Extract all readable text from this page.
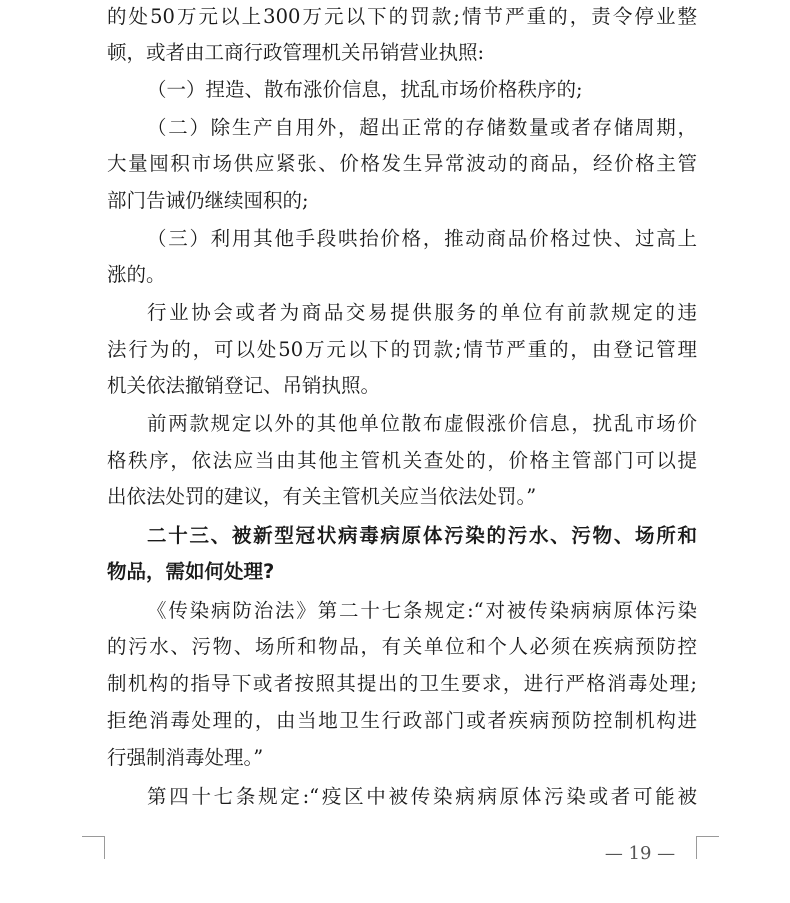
的处50万元以上300万元以下的罚款;情节严重的，责令停业整
顿，或者由工商行政管理机关吊销营业执照:
（一）捏造、散布涨价信息，扰乱市场价格秩序的;
（二）除生产自用外，超出正常的存储数量或者存储周期，
大量囤积市场供应紧张、价格发生异常波动的商品，经价格主管
部门告诫仍继续囤积的;
（三）利用其他手段哄抬价格，推动商品价格过快、过高上
涨的。
行业协会或者为商品交易提供服务的单位有前款规定的违
法行为的，可以处50万元以下的罚款;情节严重的，由登记管理
机关依法撤销登记、吊销执照。
前两款规定以外的其他单位散布虚假涨价信息，扰乱市场价
格秩序，依法应当由其他主管机关查处的，价格主管部门可以提
出依法处罚的建议，有关主管机关应当依法处罚。”
二十三、被新型冠状病毒病原体污染的污水、污物、场所和
物品，需如何处理?
《传染病防治法》第二十七条规定:“对被传染病病原体污染
的污水、污物、场所和物品，有关单位和个人必须在疾病预防控
制机构的指导下或者按照其提出的卫生要求，进行严格消毒处理;
拒绝消毒处理的，由当地卫生行政部门或者疾病预防控制机构进
行强制消毒处理。”
第四十七条规定:“疫区中被传染病病原体污染或者可能被
— 19 —
